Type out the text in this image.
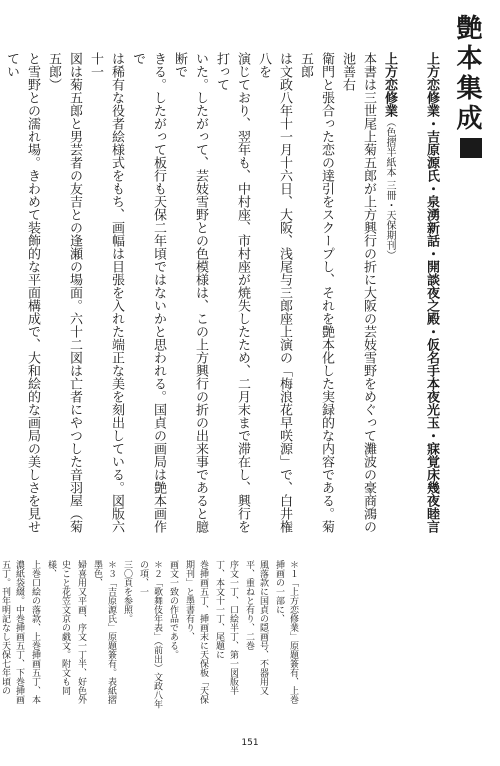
艶本集成
上方恋修業・吉原源氏・泉湧新話・開談夜之殿・仮名手本夜光玉・寐覚床幾夜睦言
上方恋修業（色摺半紙本 三冊・天保期刊）
本書は三世尾上菊五郎が上方興行の折に大阪の芸妓雪野をめぐって灘波の豪商鴻の池善右
衛門と張合った恋の達引をスクープし、それを艶本化した実録的な内容である。菊五郎
は文政八年十一月十六日、大阪、浅尾与三郎座上演の「梅浪花早咲源」で、白井権八を
演じており、翌年も、中村座、市村座が焼失したため、二月末まで滞在し、興行を打って
いた。したがって、芸妓雪野との色模様は、この上方興行の折の出来事であると臆断で
きる。したがって板行も天保二年頃ではないかと思われる。国貞の画局は艶本画作で
は稀有な役者絵様式をもち、画幅は目張を入れた端正な美を刻出している。図版六十一
図は菊五郎と男芸者の友吉との逢瀬の場面。六十二図は亡者にやつした音羽屋（菊五郎）
と雪野との濡れ場。きわめて装飾的な平面構成で、大和絵的な画局の美しさを見せてい
＊１「上方恋修業」原題簽有、上巻挿画の一部に、
風落款に国貞の隠画号、不器用又平、重ねと有り、二巻
序文一丁、口絵半丁、第一図版半丁、本文十一丁、尾題に
巻挿画五丁、挿画末に天保板「天保期刊」と墨書有り、
画文一致の作品である。
＊２「歌舞伎年表」（前出）文政八年の項、一
三〇頁を参照。
＊３「吉原源氏」原題簽有。表紙摺墨色、
婦喜用又平画、序文一丁半、好色外
史こと花笠文京の戯文。附文も同様、
上巻口絵の落款、上巻挿画五丁、本
濃紙袋綴。中巻挿画五丁、下巻挿画五丁。刊年明記なし天保七年頃の
151
